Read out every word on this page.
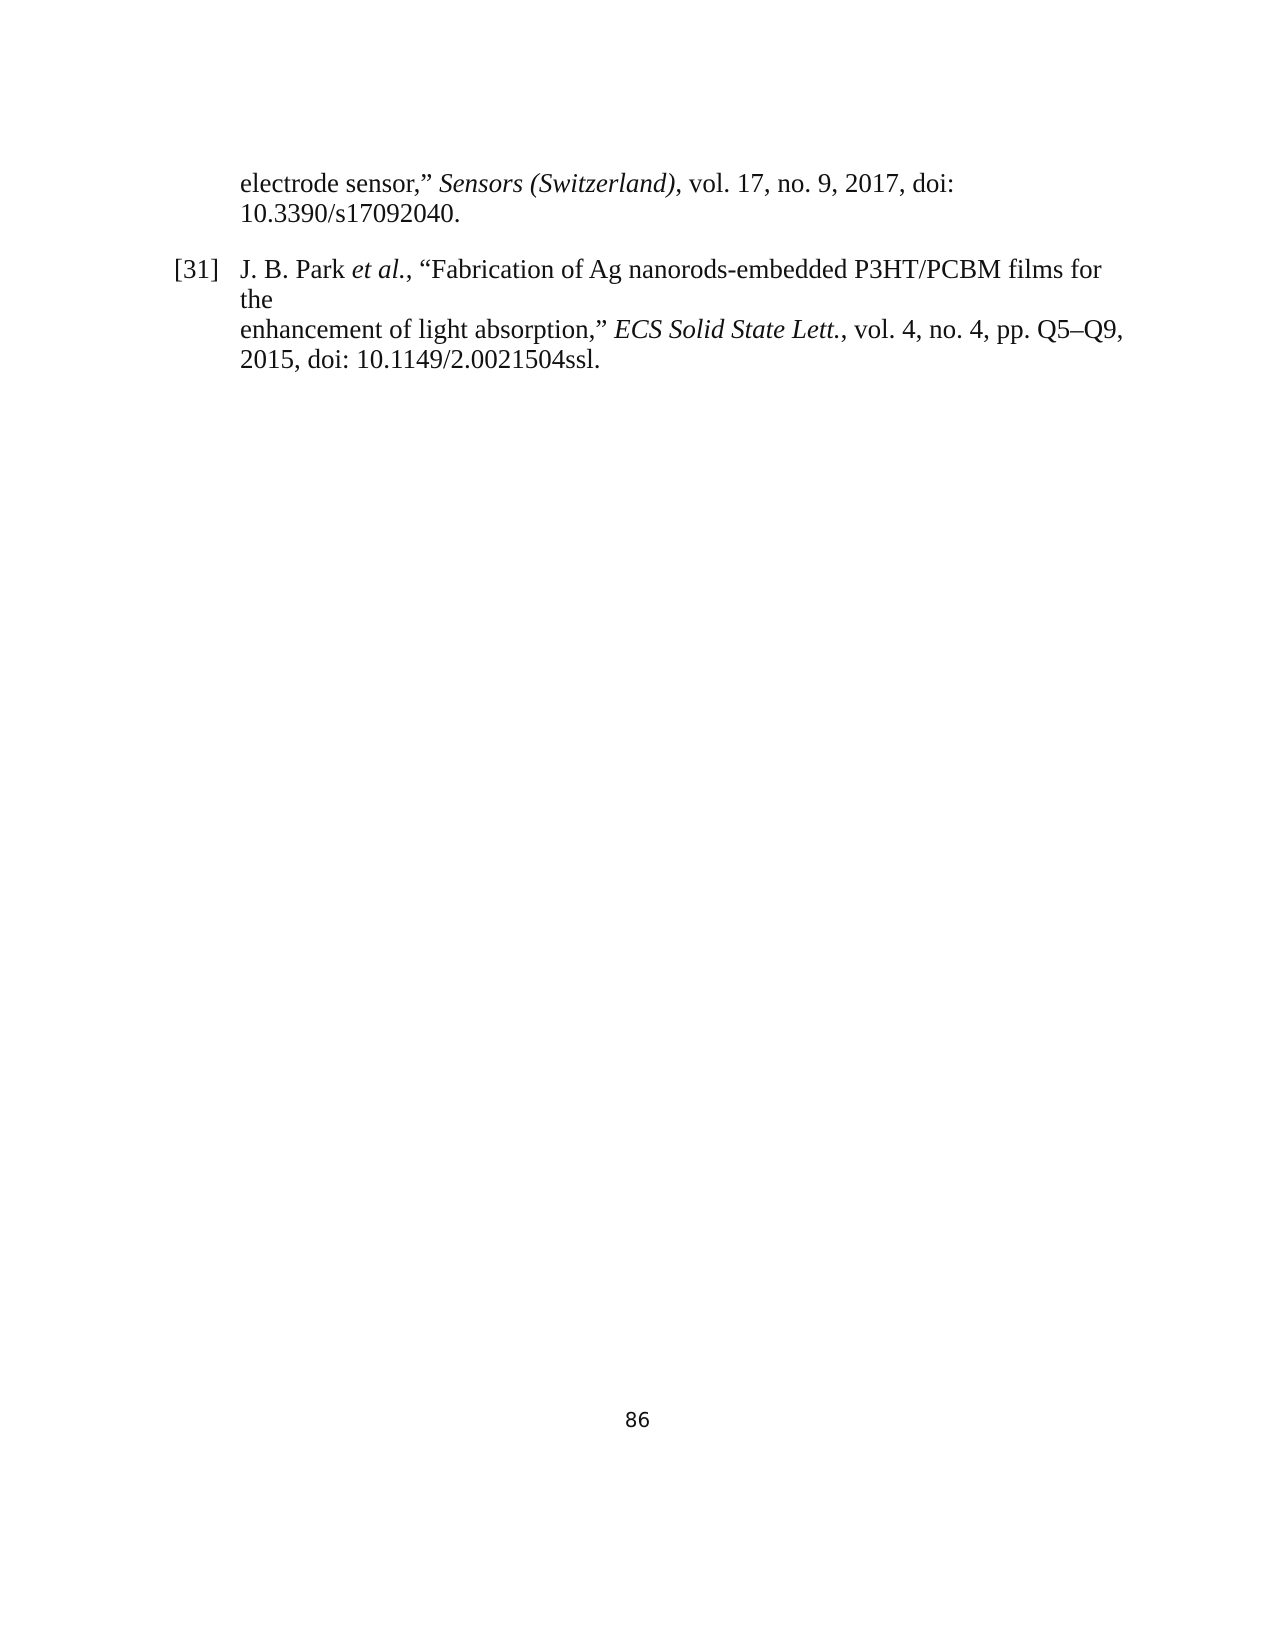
electrode sensor,” Sensors (Switzerland), vol. 17, no. 9, 2017, doi:
10.3390/s17092040.
[31] J. B. Park et al., “Fabrication of Ag nanorods-embedded P3HT/PCBM films for the
enhancement of light absorption,” ECS Solid State Lett., vol. 4, no. 4, pp. Q5–Q9,
2015, doi: 10.1149/2.0021504ssl.
86
